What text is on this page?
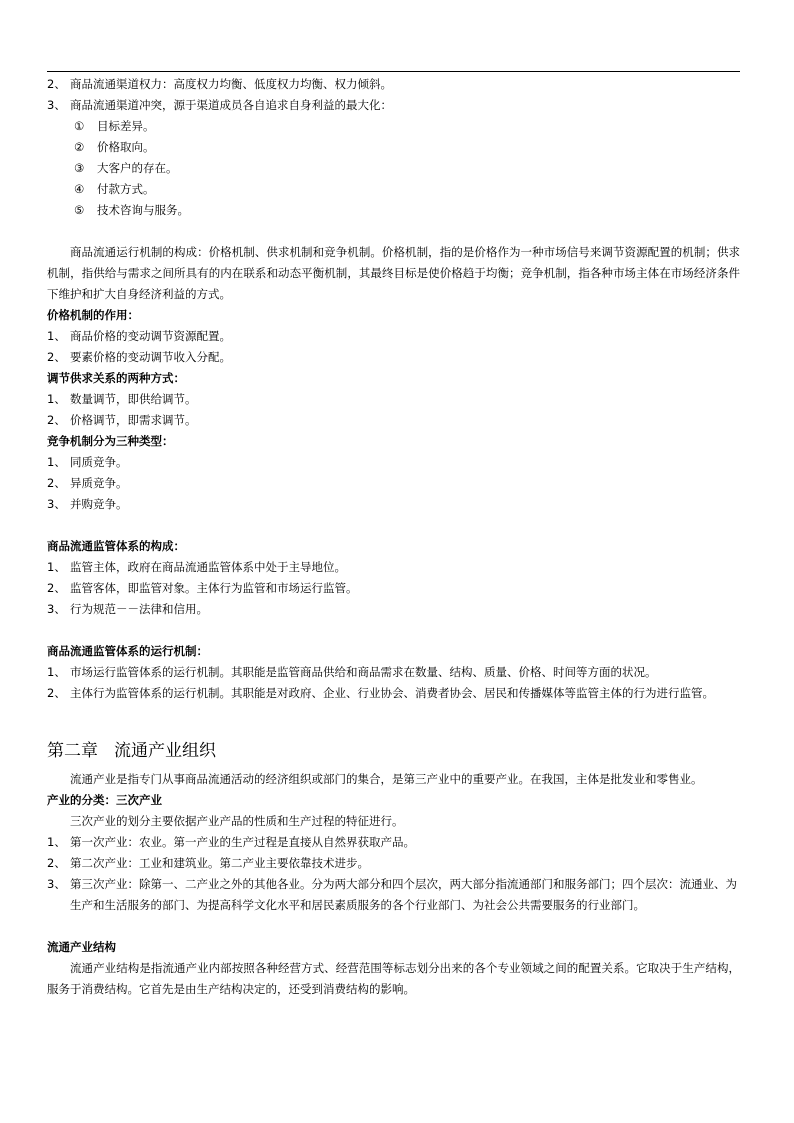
2、 商品流通渠道权力：高度权力均衡、低度权力均衡、权力倾斜。
3、 商品流通渠道冲突，源于渠道成员各自追求自身利益的最大化：
① 目标差异。
② 价格取向。
③ 大客户的存在。
④ 付款方式。
⑤ 技术咨询与服务。
商品流通运行机制的构成：价格机制、供求机制和竞争机制。价格机制，指的是价格作为一种市场信号来调节资源配置的机制；供求机制，指供给与需求之间所具有的内在联系和动态平衡机制，其最终目标是使价格趋于均衡；竞争机制，指各种市场主体在市场经济条件下维护和扩大自身经济利益的方式。
价格机制的作用：
1、 商品价格的变动调节资源配置。
2、 要素价格的变动调节收入分配。
调节供求关系的两种方式：
1、 数量调节，即供给调节。
2、 价格调节，即需求调节。
竞争机制分为三种类型：
1、 同质竞争。
2、 异质竞争。
3、 并购竞争。
商品流通监管体系的构成：
1、 监管主体，政府在商品流通监管体系中处于主导地位。
2、 监管客体，即监管对象。主体行为监管和市场运行监管。
3、 行为规范－－法律和信用。
商品流通监管体系的运行机制：
1、 市场运行监管体系的运行机制。其职能是监管商品供给和商品需求在数量、结构、质量、价格、时间等方面的状况。
2、 主体行为监管体系的运行机制。其职能是对政府、企业、行业协会、消费者协会、居民和传播媒体等监管主体的行为进行监管。
第二章 流通产业组织
流通产业是指专门从事商品流通活动的经济组织或部门的集合，是第三产业中的重要产业。在我国，主体是批发业和零售业。
产业的分类：三次产业
三次产业的划分主要依据产业产品的性质和生产过程的特征进行。
1、 第一次产业：农业。第一产业的生产过程是直接从自然界获取产品。
2、 第二次产业：工业和建筑业。第二产业主要依靠技术进步。
3、 第三次产业：除第一、二产业之外的其他各业。分为两大部分和四个层次，两大部分指流通部门和服务部门；四个层次：流通业、为生产和生活服务的部门、为提高科学文化水平和居民素质服务的各个行业部门、为社会公共需要服务的行业部门。
流通产业结构
流通产业结构是指流通产业内部按照各种经营方式、经营范围等标志划分出来的各个专业领域之间的配置关系。它取决于生产结构，服务于消费结构。它首先是由生产结构决定的，还受到消费结构的影响。
